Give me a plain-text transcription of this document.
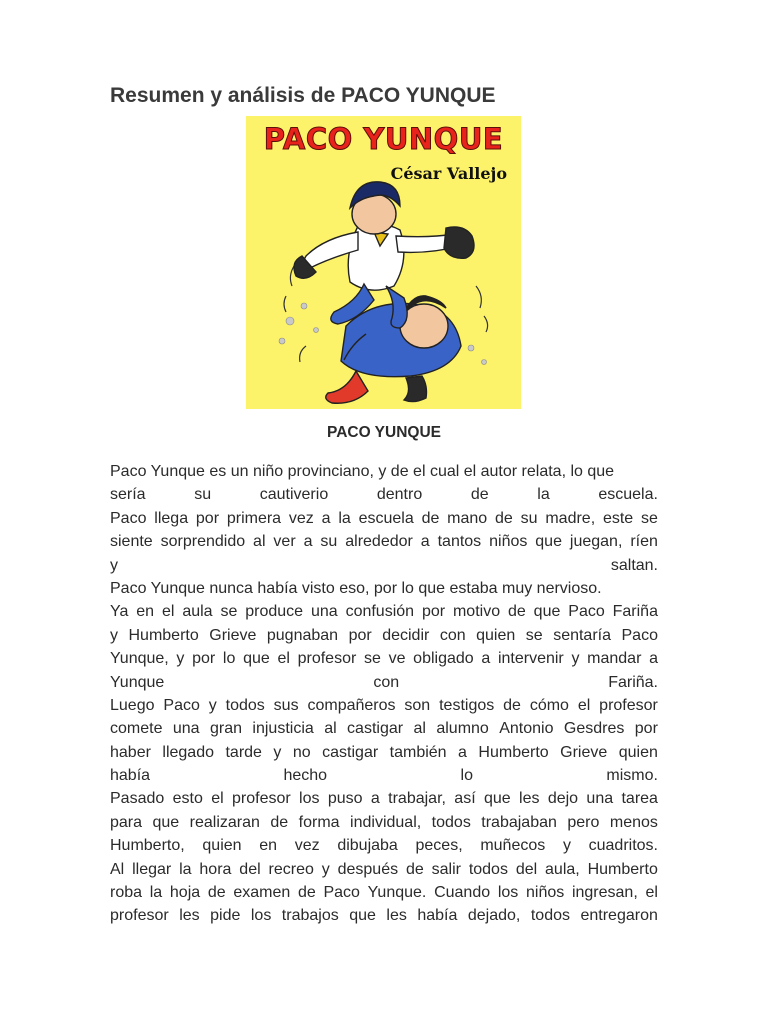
Resumen y análisis de PACO YUNQUE
PACO YUNQUE
César Vallejo
PACO YUNQUE
Paco Yunque es un niño provinciano, y de el cual el autor relata, lo que
sería	su	cautiverio	dentro	de	la	escuela.
Paco llega por primera vez a la escuela de mano de su madre, este se
siente sorprendido al ver a su alrededor a tantos niños que juegan, ríen
y	saltan.
Paco Yunque nunca había visto eso, por lo que estaba muy nervioso.
Ya en el aula se produce una confusión por motivo de que Paco Fariña
y Humberto Grieve pugnaban por decidir con quien se sentaría Paco
Yunque, y por lo que el profesor se ve obligado a intervenir y mandar a
Yunque	con	Fariña.
Luego Paco y todos sus compañeros son testigos de cómo el profesor
comete una gran injusticia al castigar al alumno Antonio Gesdres por
haber llegado tarde y no castigar también a Humberto Grieve quien
había	hecho	lo	mismo.
Pasado esto el profesor los puso a trabajar, así que les dejo una tarea
para que realizaran de forma individual, todos trabajaban pero menos
Humberto, quien en vez dibujaba peces, muñecos y cuadritos.
Al llegar la hora del recreo y después de salir todos del aula, Humberto
roba la hoja de examen de Paco Yunque. Cuando los niños ingresan, el
profesor les pide los trabajos que les había dejado, todos entregaron
